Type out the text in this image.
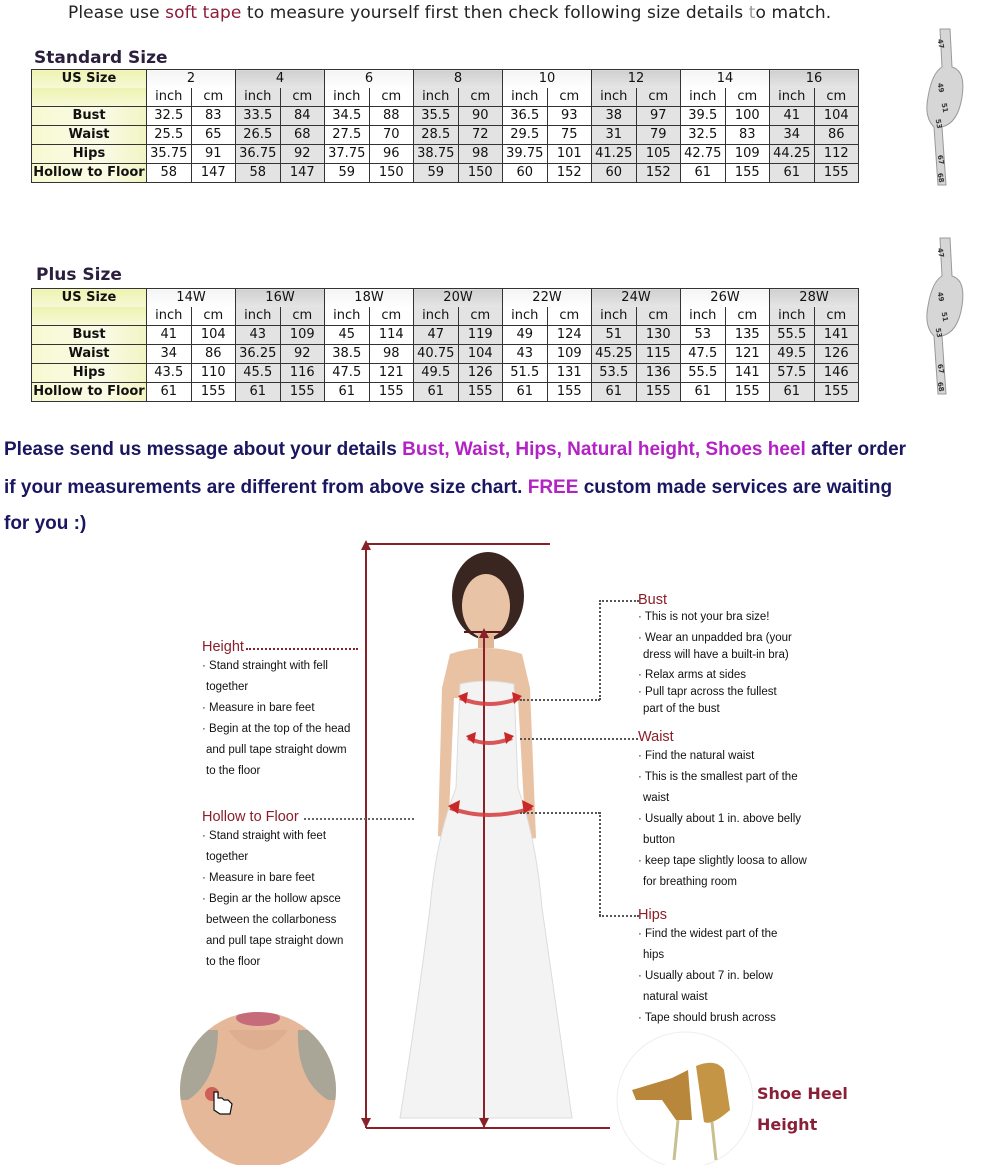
Please use soft tape to measure yourself first then check following size details to match.
Standard Size
US Size	2		4		6		8		10		12		14		16	
	inch	cm	inch	cm	inch	cm	inch	cm	inch	cm	inch	cm	inch	cm	inch	cm
Bust	32.5	83	33.5	84	34.5	88	35.5	90	36.5	93	38	97	39.5	100	41	104
Waist	25.5	65	26.5	68	27.5	70	28.5	72	29.5	75	31	79	32.5	83	34	86
Hips	35.75	91	36.75	92	37.75	96	38.75	98	39.75	101	41.25	105	42.75	109	44.25	112
Hollow to Floor	58	147	58	147	59	150	59	150	60	152	60	152	61	155	61	155
47
49
51
53
67
68
Plus Size
US Size	14W		16W		18W		20W		22W		24W		26W		28W	
	inch	cm	inch	cm	inch	cm	inch	cm	inch	cm	inch	cm	inch	cm	inch	cm
Bust	41	104	43	109	45	114	47	119	49	124	51	130	53	135	55.5	141
Waist	34	86	36.25	92	38.5	98	40.75	104	43	109	45.25	115	47.5	121	49.5	126
Hips	43.5	110	45.5	116	47.5	121	49.5	126	51.5	131	53.5	136	55.5	141	57.5	146
Hollow to Floor	61	155	61	155	61	155	61	155	61	155	61	155	61	155	61	155
47
49
51
53
67
68
Please send us message about your details Bust, Waist, Hips, Natural height, Shoes heel after order
if your measurements are different from above size chart. FREE custom made services are waiting
for you :)
Height
· Stand strainght with fell
together
· Measure in bare feet
· Begin at the top of the head
and pull tape straight dowm
to the floor
Hollow to Floor
· Stand straight with feet
together
· Measure in bare feet
· Begin ar the hollow apsce
between the collarboness
and pull tape straight down
to the floor
Bust
· This is not your bra size!
· Wear an unpadded bra (your
dress will have a built-in bra)
· Relax arms at sides
· Pull tapr across the fullest
part of the bust
Waist
· Find the natural waist
· This is the smallest part of the
waist
· Usually about 1 in. above belly
button
· keep tape slightly loosa to allow
for breathing room
Hips
· Find the widest part of the
hips
· Usually about 7 in. below
natural waist
· Tape should brush across
Shoe Heel
Height
